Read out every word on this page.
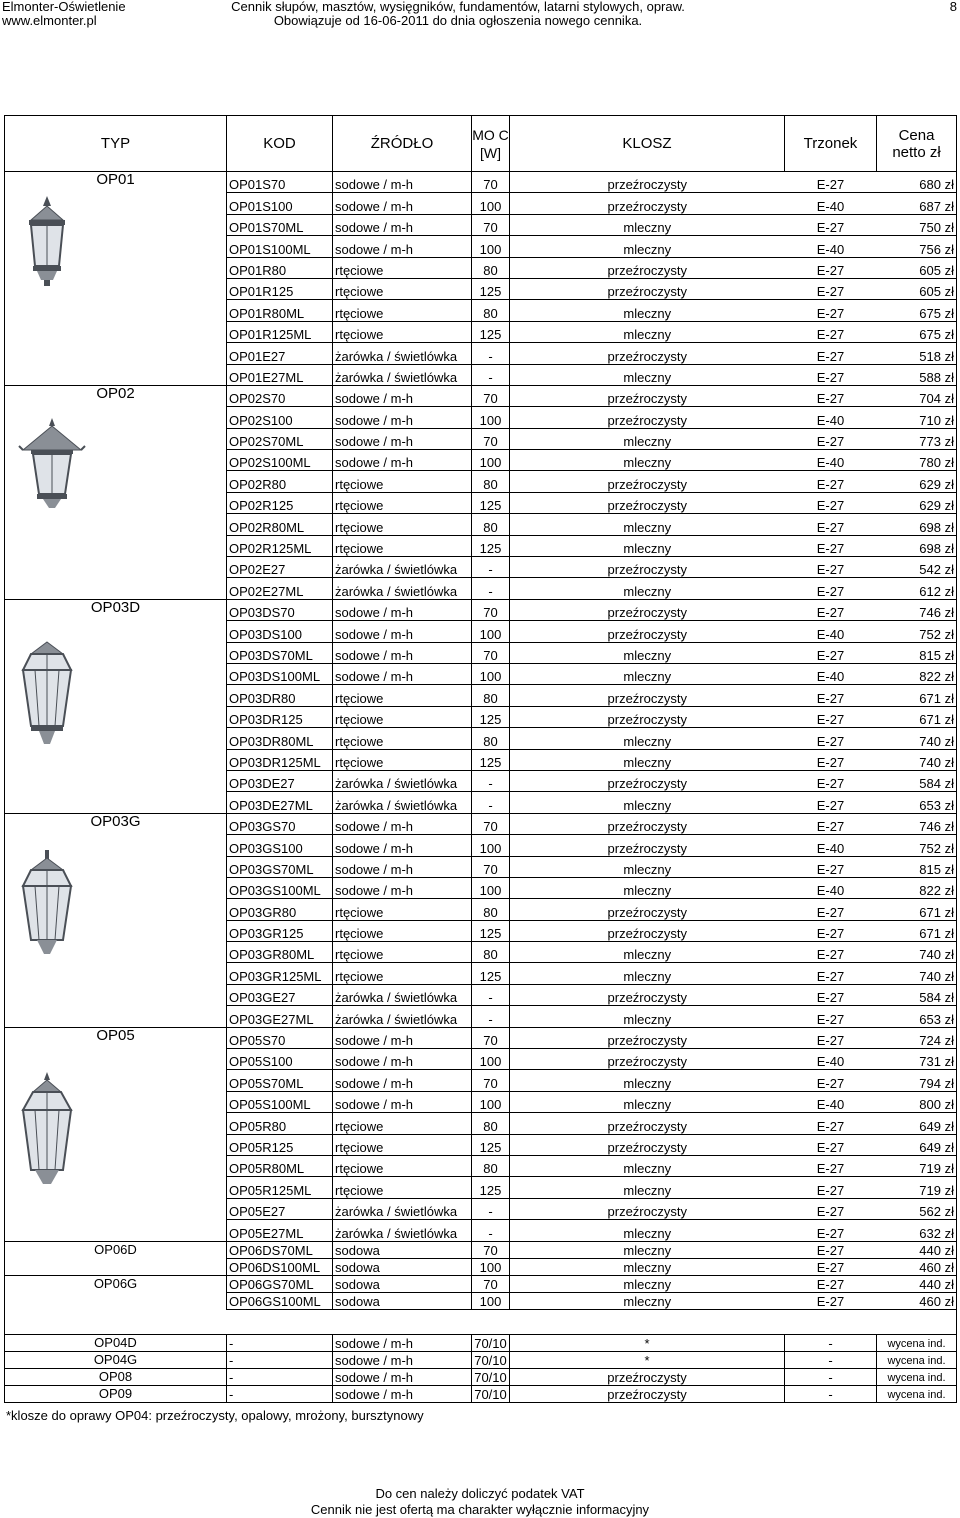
Elmonter-Oświetlenie
www.elmonter.pl
Cennik słupów, masztów, wysięgników, fundamentów, latarni stylowych, opraw.
Obowiązuje od 16-06-2011 do dnia ogłoszenia nowego cennika.
8
TYP	KOD	ŹRÓDŁO	MO C [W]	KLOSZ	Trzonek	Cena netto zł

OP01	OP01S70	sodowe / m-h	70	przeźroczysty	E-27	680 zł
	OP01S100	sodowe / m-h	100	przeźroczysty	E-40	687 zł
	OP01S70ML	sodowe / m-h	70	mleczny	E-27	750 zł
	OP01S100ML	sodowe / m-h	100	mleczny	E-40	756 zł
	OP01R80	rtęciowe	80	przeźroczysty	E-27	605 zł
	OP01R125	rtęciowe	125	przeźroczysty	E-27	605 zł
	OP01R80ML	rtęciowe	80	mleczny	E-27	675 zł
	OP01R125ML	rtęciowe	125	mleczny	E-27	675 zł
	OP01E27	żarówka / świetlówka	-	przeźroczysty	E-27	518 zł
	OP01E27ML	żarówka / świetlówka	-	mleczny	E-27	588 zł

OP02	OP02S70	sodowe / m-h	70	przeźroczysty	E-27	704 zł
	OP02S100	sodowe / m-h	100	przeźroczysty	E-40	710 zł
	OP02S70ML	sodowe / m-h	70	mleczny	E-27	773 zł
	OP02S100ML	sodowe / m-h	100	mleczny	E-40	780 zł
	OP02R80	rtęciowe	80	przeźroczysty	E-27	629 zł
	OP02R125	rtęciowe	125	przeźroczysty	E-27	629 zł
	OP02R80ML	rtęciowe	80	mleczny	E-27	698 zł
	OP02R125ML	rtęciowe	125	mleczny	E-27	698 zł
	OP02E27	żarówka / świetlówka	-	przeźroczysty	E-27	542 zł
	OP02E27ML	żarówka / świetlówka	-	mleczny	E-27	612 zł

OP03D	OP03DS70	sodowe / m-h	70	przeźroczysty	E-27	746 zł
	OP03DS100	sodowe / m-h	100	przeźroczysty	E-40	752 zł
	OP03DS70ML	sodowe / m-h	70	mleczny	E-27	815 zł
	OP03DS100ML	sodowe / m-h	100	mleczny	E-40	822 zł
	OP03DR80	rtęciowe	80	przeźroczysty	E-27	671 zł
	OP03DR125	rtęciowe	125	przeźroczysty	E-27	671 zł
	OP03DR80ML	rtęciowe	80	mleczny	E-27	740 zł
	OP03DR125ML	rtęciowe	125	mleczny	E-27	740 zł
	OP03DE27	żarówka / świetlówka	-	przeźroczysty	E-27	584 zł
	OP03DE27ML	żarówka / świetlówka	-	mleczny	E-27	653 zł

OP03G	OP03GS70	sodowe / m-h	70	przeźroczysty	E-27	746 zł
	OP03GS100	sodowe / m-h	100	przeźroczysty	E-40	752 zł
	OP03GS70ML	sodowe / m-h	70	mleczny	E-27	815 zł
	OP03GS100ML	sodowe / m-h	100	mleczny	E-40	822 zł
	OP03GR80	rtęciowe	80	przeźroczysty	E-27	671 zł
	OP03GR125	rtęciowe	125	przeźroczysty	E-27	671 zł
	OP03GR80ML	rtęciowe	80	mleczny	E-27	740 zł
	OP03GR125ML	rtęciowe	125	mleczny	E-27	740 zł
	OP03GE27	żarówka / świetlówka	-	przeźroczysty	E-27	584 zł
	OP03GE27ML	żarówka / świetlówka	-	mleczny	E-27	653 zł

OP05	OP05S70	sodowe / m-h	70	przeźroczysty	E-27	724 zł
	OP05S100	sodowe / m-h	100	przeźroczysty	E-40	731 zł
	OP05S70ML	sodowe / m-h	70	mleczny	E-27	794 zł
	OP05S100ML	sodowe / m-h	100	mleczny	E-40	800 zł
	OP05R80	rtęciowe	80	przeźroczysty	E-27	649 zł
	OP05R125	rtęciowe	125	przeźroczysty	E-27	649 zł
	OP05R80ML	rtęciowe	80	mleczny	E-27	719 zł
	OP05R125ML	rtęciowe	125	mleczny	E-27	719 zł
	OP05E27	żarówka / świetlówka	-	przeźroczysty	E-27	562 zł
	OP05E27ML	żarówka / świetlówka	-	mleczny	E-27	632 zł
OP06D	OP06DS70ML	sodowa	70	mleczny	E-27	440 zł
	OP06DS100ML	sodowa	100	mleczny	E-27	460 zł
OP06G	OP06GS70ML	sodowa	70	mleczny	E-27	440 zł
	OP06GS100ML	sodowa	100	mleczny	E-27	460 zł

OP04D	-	sodowe / m-h	70/10	*	-	wycena ind.
OP04G	-	sodowe / m-h	70/10	*	-	wycena ind.
OP08	-	sodowe / m-h	70/10	przeźroczysty	-	wycena ind.
OP09	-	sodowe / m-h	70/10	przeźroczysty	-	wycena ind.
*klosze do oprawy OP04: przeźroczysty, opalowy, mrożony, bursztynowy
Do cen należy doliczyć podatek VAT
Cennik nie jest ofertą ma charakter wyłącznie informacyjny
